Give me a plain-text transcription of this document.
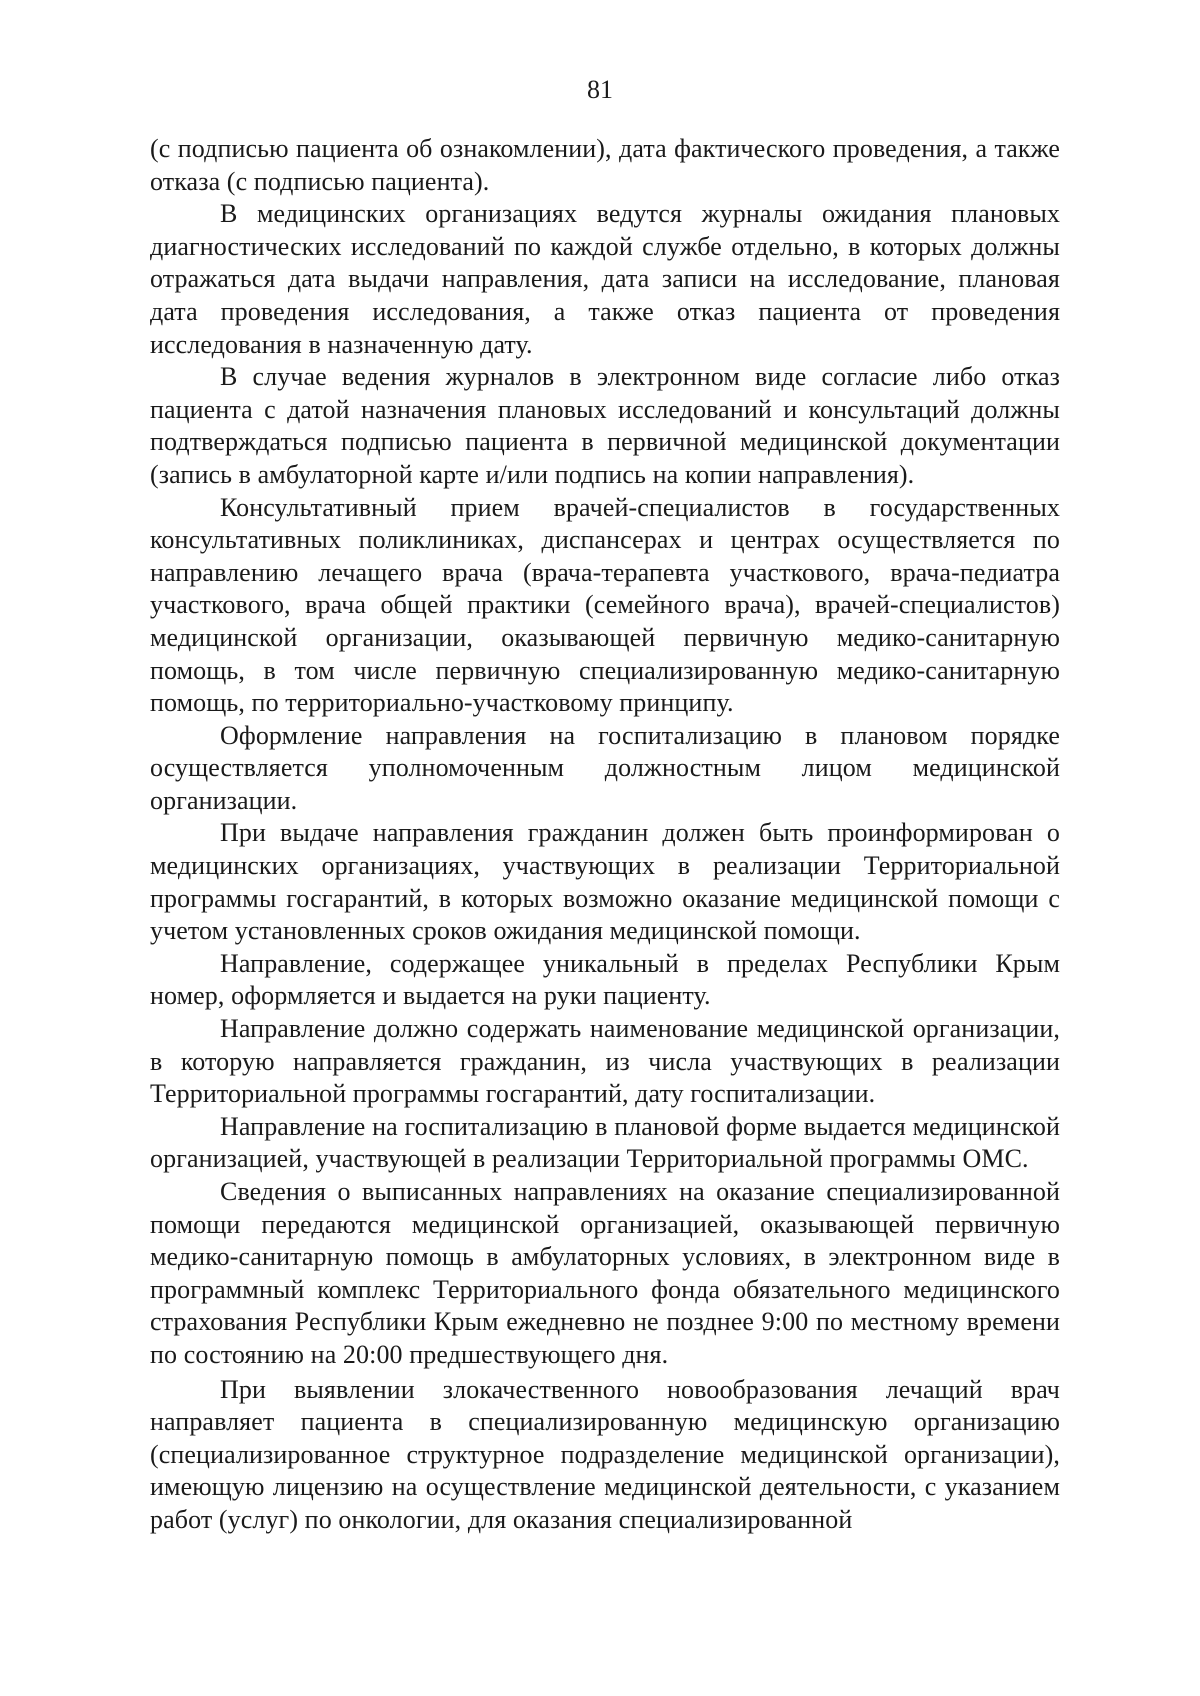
81

(с подписью пациента об ознакомлении), дата фактического проведения, а также отказа (с подписью пациента).

В медицинских организациях ведутся журналы ожидания плановых диагностических исследований по каждой службе отдельно, в которых должны отражаться дата выдачи направления, дата записи на исследование, плановая дата проведения исследования, а также отказ пациента от проведения исследования в назначенную дату.

В случае ведения журналов в электронном виде согласие либо отказ пациента с датой назначения плановых исследований и консультаций должны подтверждаться подписью пациента в первичной медицинской документации (запись в амбулаторной карте и/или подпись на копии направления).

Консультативный прием врачей-специалистов в государственных консультативных поликлиниках, диспансерах и центрах осуществляется по направлению лечащего врача (врача-терапевта участкового, врача-педиатра участкового, врача общей практики (семейного врача), врачей-специалистов) медицинской организации, оказывающей первичную медико-санитарную помощь, в том числе первичную специализированную медико-санитарную помощь, по территориально-участковому принципу.

Оформление направления на госпитализацию в плановом порядке осуществляется уполномоченным должностным лицом медицинской организации.

При выдаче направления гражданин должен быть проинформирован о медицинских организациях, участвующих в реализации Территориальной программы госгарантий, в которых возможно оказание медицинской помощи с учетом установленных сроков ожидания медицинской помощи.

Направление, содержащее уникальный в пределах Республики Крым номер, оформляется и выдается на руки пациенту.

Направление должно содержать наименование медицинской организации, в которую направляется гражданин, из числа участвующих в реализации Территориальной программы госгарантий, дату госпитализации.

Направление на госпитализацию в плановой форме выдается медицинской организацией, участвующей в реализации Территориальной программы ОМС.

Сведения о выписанных направлениях на оказание специализированной помощи передаются медицинской организацией, оказывающей первичную медико-санитарную помощь в амбулаторных условиях, в электронном виде в программный комплекс Территориального фонда обязательного медицинского страхования Республики Крым ежедневно не позднее 9:00 по местному времени по состоянию на 20:00 предшествующего дня.

При выявлении злокачественного новообразования лечащий врач направляет пациента в специализированную медицинскую организацию (специализированное структурное подразделение медицинской организации), имеющую лицензию на осуществление медицинской деятельности, с указанием работ (услуг) по онкологии, для оказания специализированной
